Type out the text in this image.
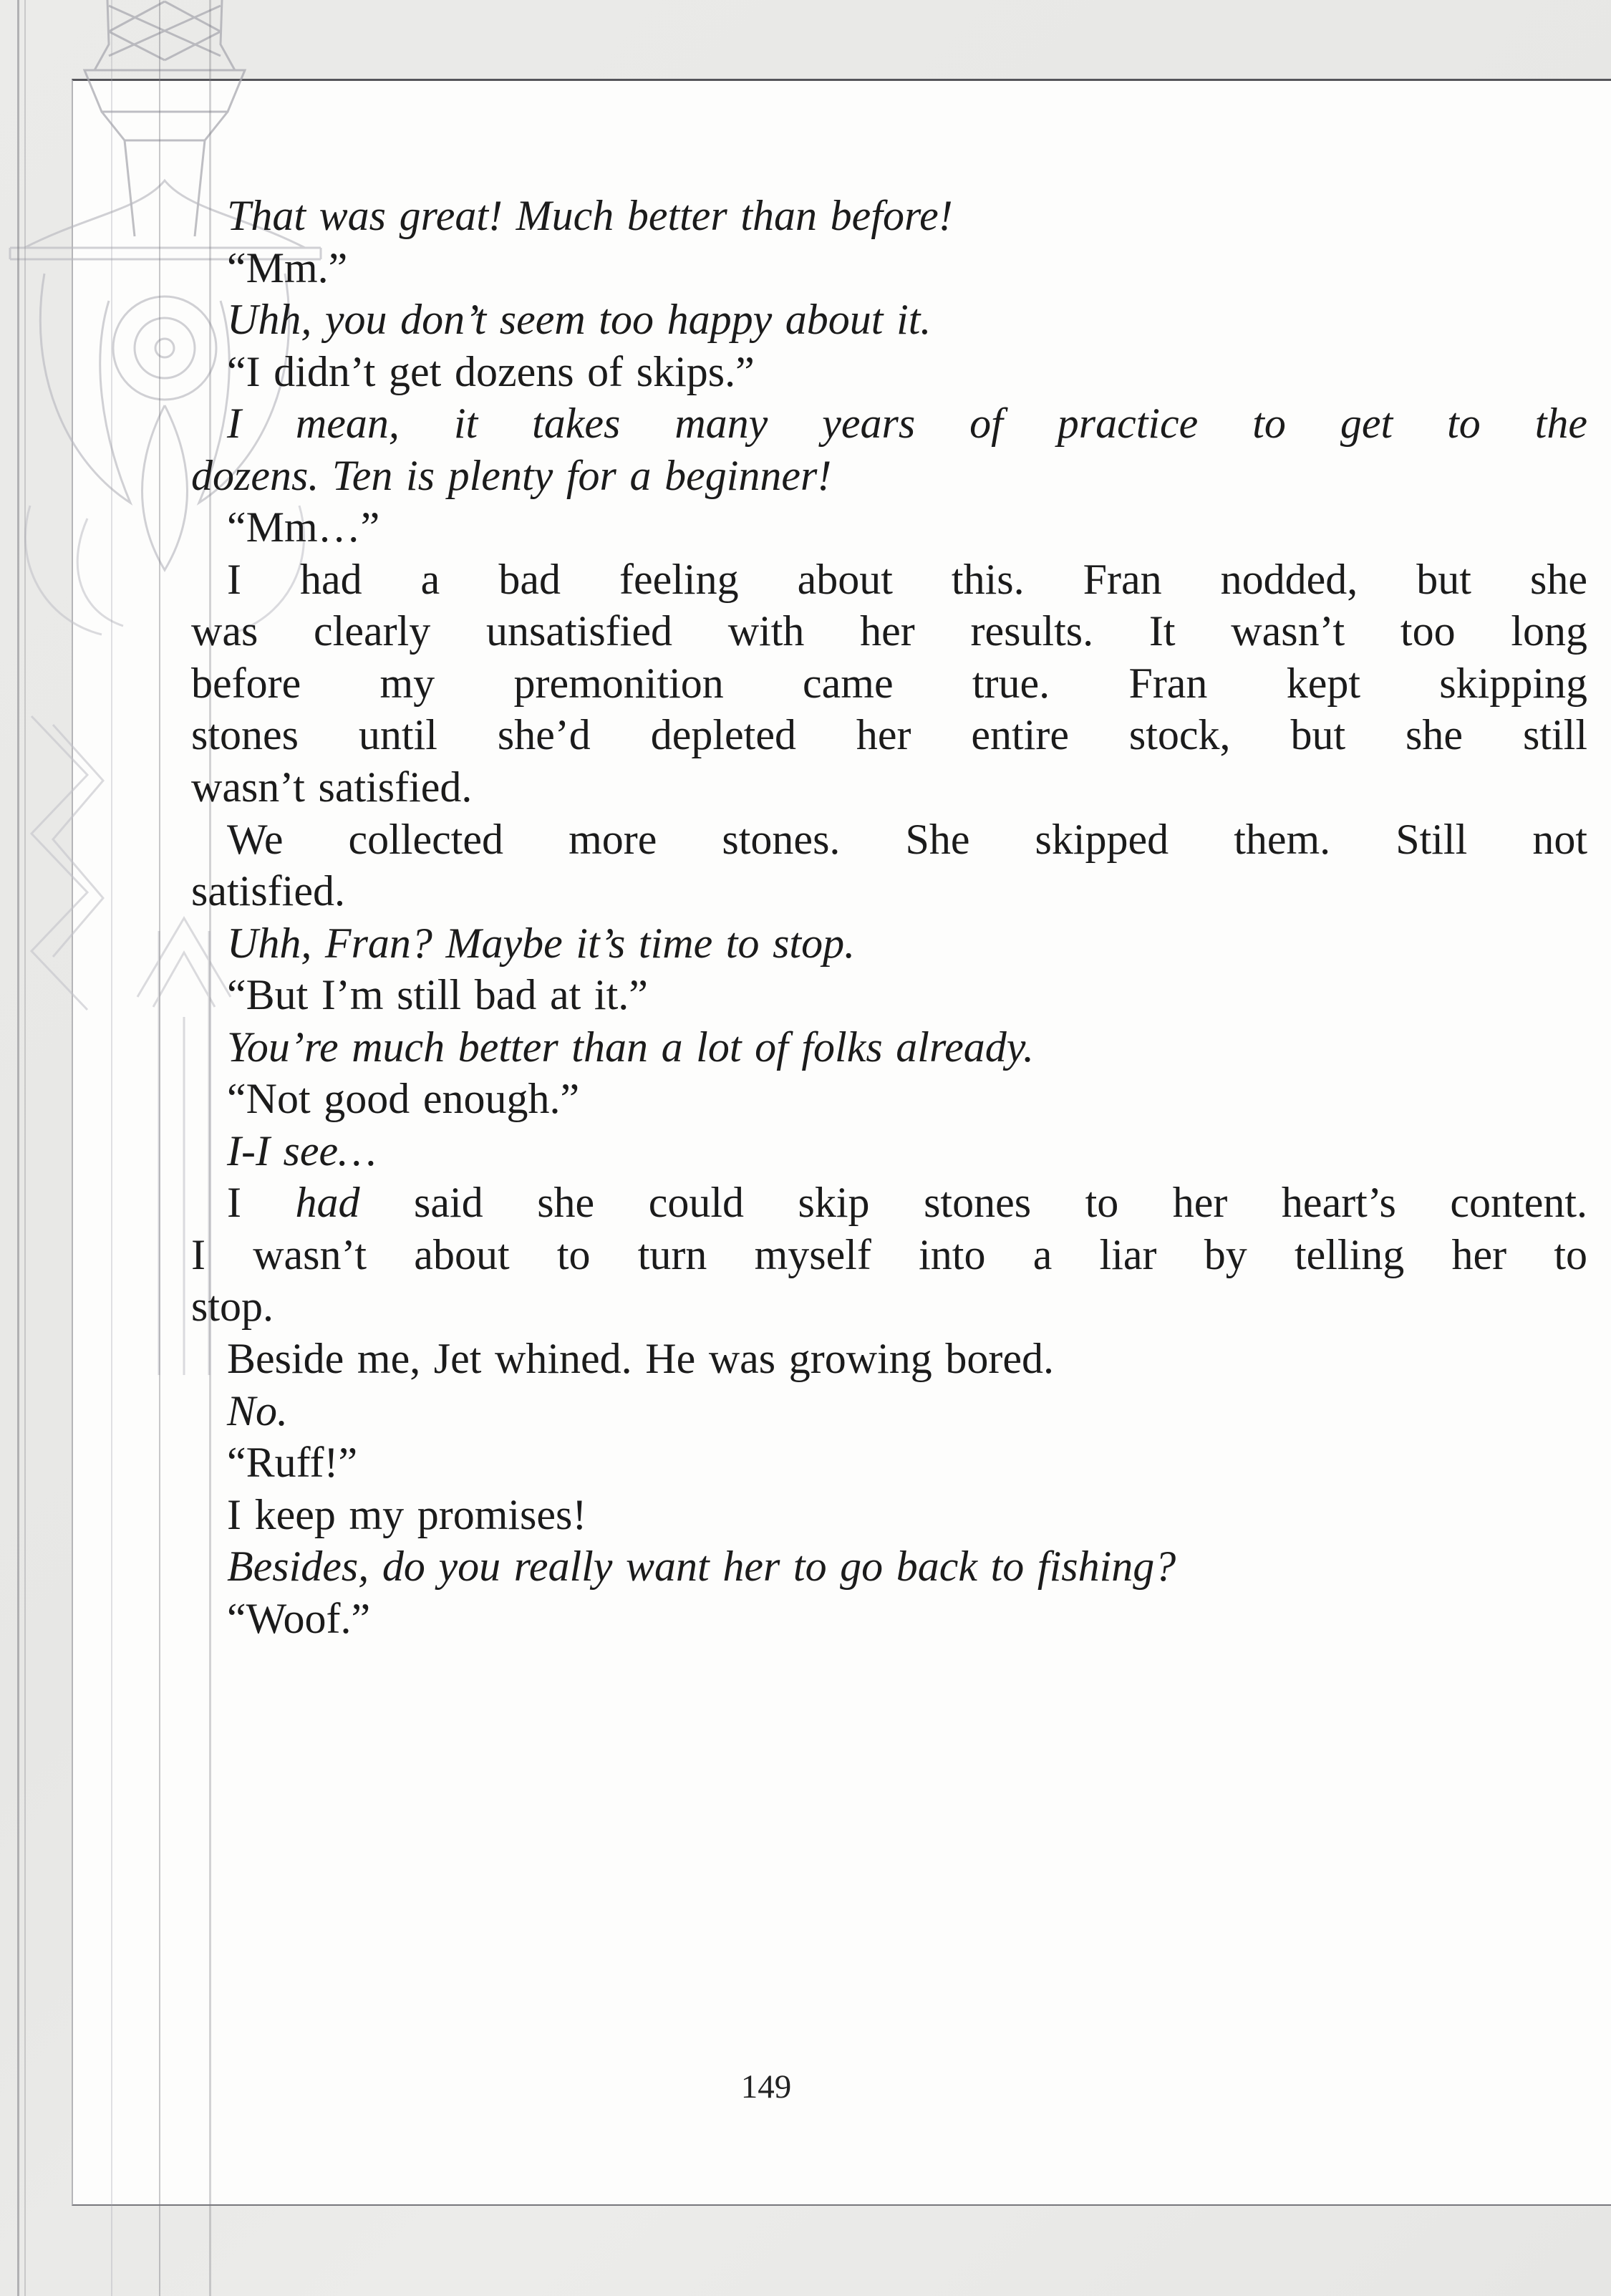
That was great! Much better than before!
“Mm.”
Uhh, you don’t seem too happy about it.
“I didn’t get dozens of skips.”
I mean, it takes many years of practice to get to the
dozens. Ten is plenty for a beginner!
“Mm…”
I had a bad feeling about this. Fran nodded, but she
was clearly unsatisfied with her results. It wasn’t too long
before my premonition came true. Fran kept skipping
stones until she’d depleted her entire stock, but she still
wasn’t satisfied.
We collected more stones. She skipped them. Still not
satisfied.
Uhh, Fran? Maybe it’s time to stop.
“But I’m still bad at it.”
You’re much better than a lot of folks already.
“Not good enough.”
I-I see…
I had said she could skip stones to her heart’s content.
I wasn’t about to turn myself into a liar by telling her to
stop.
Beside me, Jet whined. He was growing bored.
No.
“Ruff!”
I keep my promises!
Besides, do you really want her to go back to fishing?
“Woof.”
149
